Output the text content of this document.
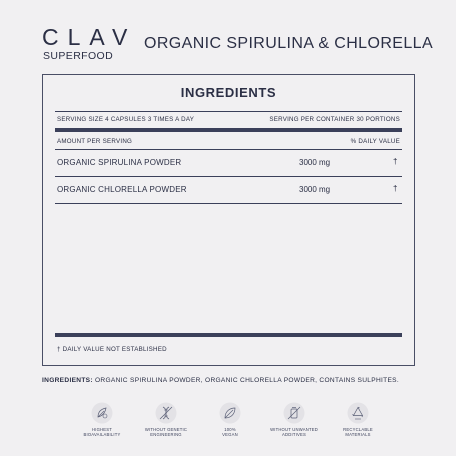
CLAV
SUPERFOOD
ORGANIC SPIRULINA & CHLORELLA
INGREDIENTS
SERVING SIZE 4 CAPSULES 3 TIMES A DAY	SERVING PER CONTAINER 30 PORTIONS
AMOUNT PER SERVING	% DAILY VALUE
ORGANIC SPIRULINA POWDER	3000 mg	†
ORGANIC CHLORELLA POWDER	3000 mg	†
† DAILY VALUE NOT ESTABLISHED
INGREDIENTS: ORGANIC SPIRULINA POWDER, ORGANIC CHLORELLA POWDER, CONTAINS SULPHITES.
HIGHEST
BIOAVAILABILITY
WITHOUT GENETIC
ENGINEERING
100%
VEGAN
WITHOUT UNWANTED
ADDITIVES
RECYCLABLE
MATERIALS
